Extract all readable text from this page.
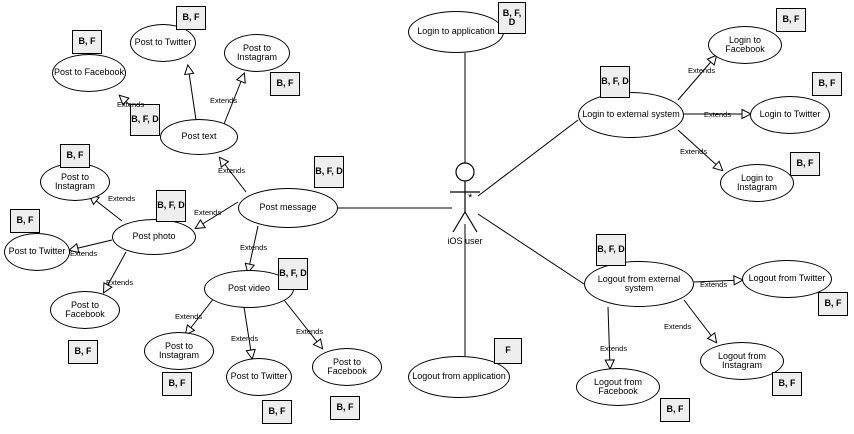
*
iOS user
Login to application
Post to Facebook
Post to Twitter
Post to Instagram
Post text
Post to Instagram
Post to Twitter
Post to Facebook
Post photo
Post message
Post video
Post to Instagram
Post to Twitter
Post to Facebook
Logout from application
Login to external system
Login to Facebook
Login to Twitter
Login to Instagram
Logout from external system
Logout from Twitter
Logout from Instagram
Logout from Facebook
B, F, D
B, F
B, F
B, F
B, F, D
B, F
B, F, D
B, F, D
B, F
B, F
B, F, D
B, F
B, F	B, F
F
B, F, D
B, F
B, F
B, F
B, F, D
B, F
B, F
B, F
Extends	Extends
Extends
Extends
Extends
Extends
Extends
Extends
Extends
Extends
Extends
Extends
Extends
Extends
Extends
Extends
Extends
